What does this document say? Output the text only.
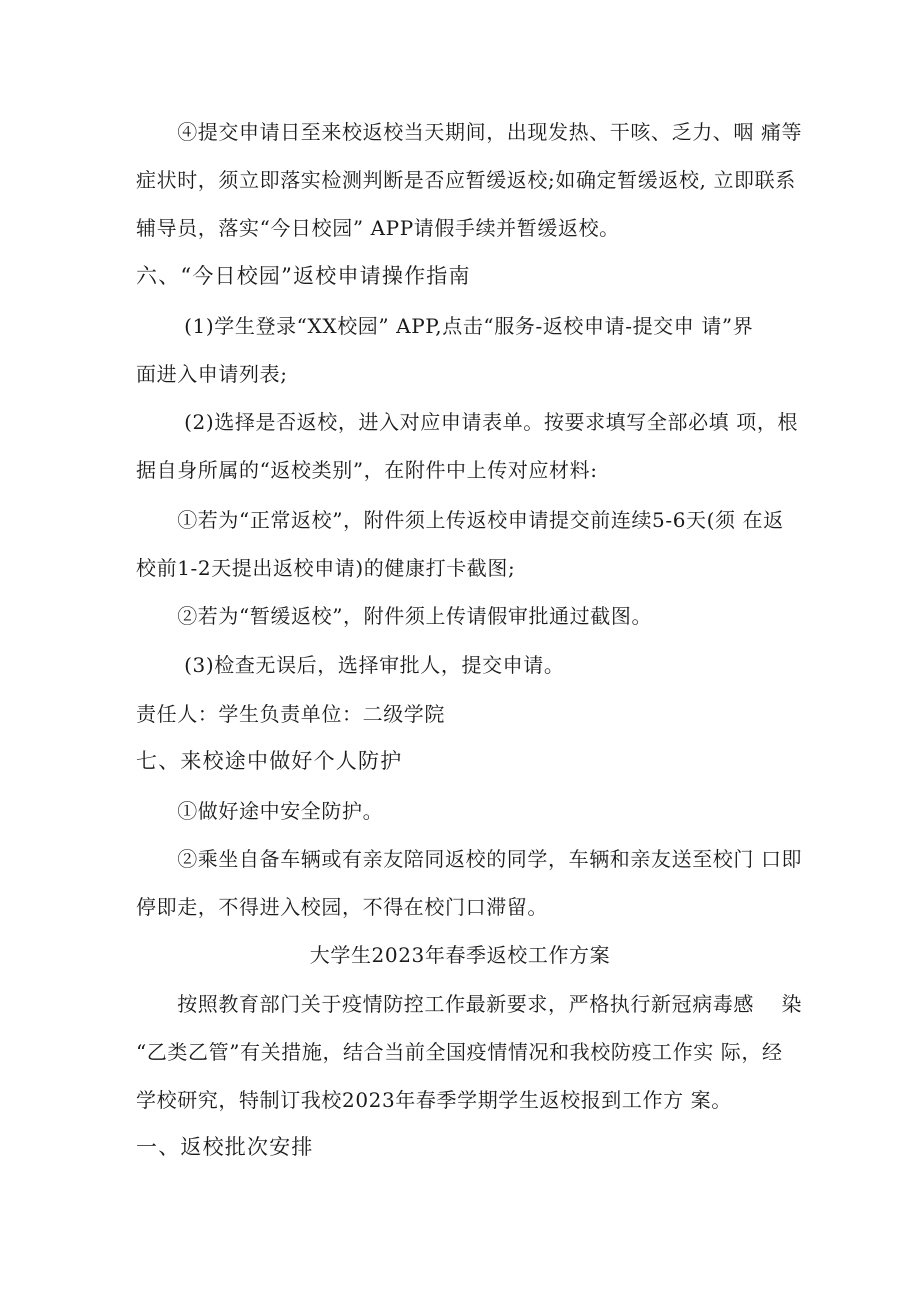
　　④提交申请日至来校返校当天期间，出现发热、干咳、乏力、咽 痛等
症状时，须立即落实检测判断是否应暂缓返校;如确定暂缓返校, 立即联系
辅导员，落实“今日校园” APP请假手续并暂缓返校。
六、“今日校园”返校申请操作指南
　　 (1)学生登录“XX校园” APP,点击“服务-返校申请-提交申 请”界
面进入申请列表;
　　 (2)选择是否返校，进入对应申请表单。按要求填写全部必填 项，根
据自身所属的“返校类别”，在附件中上传对应材料:
　　①若为“正常返校”，附件须上传返校申请提交前连续5-6天(须 在返
校前1-2天提出返校申请)的健康打卡截图;
　　②若为“暂缓返校”，附件须上传请假审批通过截图。
　　 (3)检查无误后，选择审批人，提交申请。
责任人：学生负责单位：二级学院
七、来校途中做好个人防护
　　①做好途中安全防护。
　　②乘坐自备车辆或有亲友陪同返校的同学，车辆和亲友送至校门 口即
停即走，不得进入校园，不得在校门口滞留。
大学生2023年春季返校工作方案
　　按照教育部门关于疫情防控工作最新要求，严格执行新冠病毒感　 染
“乙类乙管”有关措施，结合当前全国疫情情况和我校防疫工作实 际，经
学校研究，特制订我校2023年春季学期学生返校报到工作方 案。
一、返校批次安排
